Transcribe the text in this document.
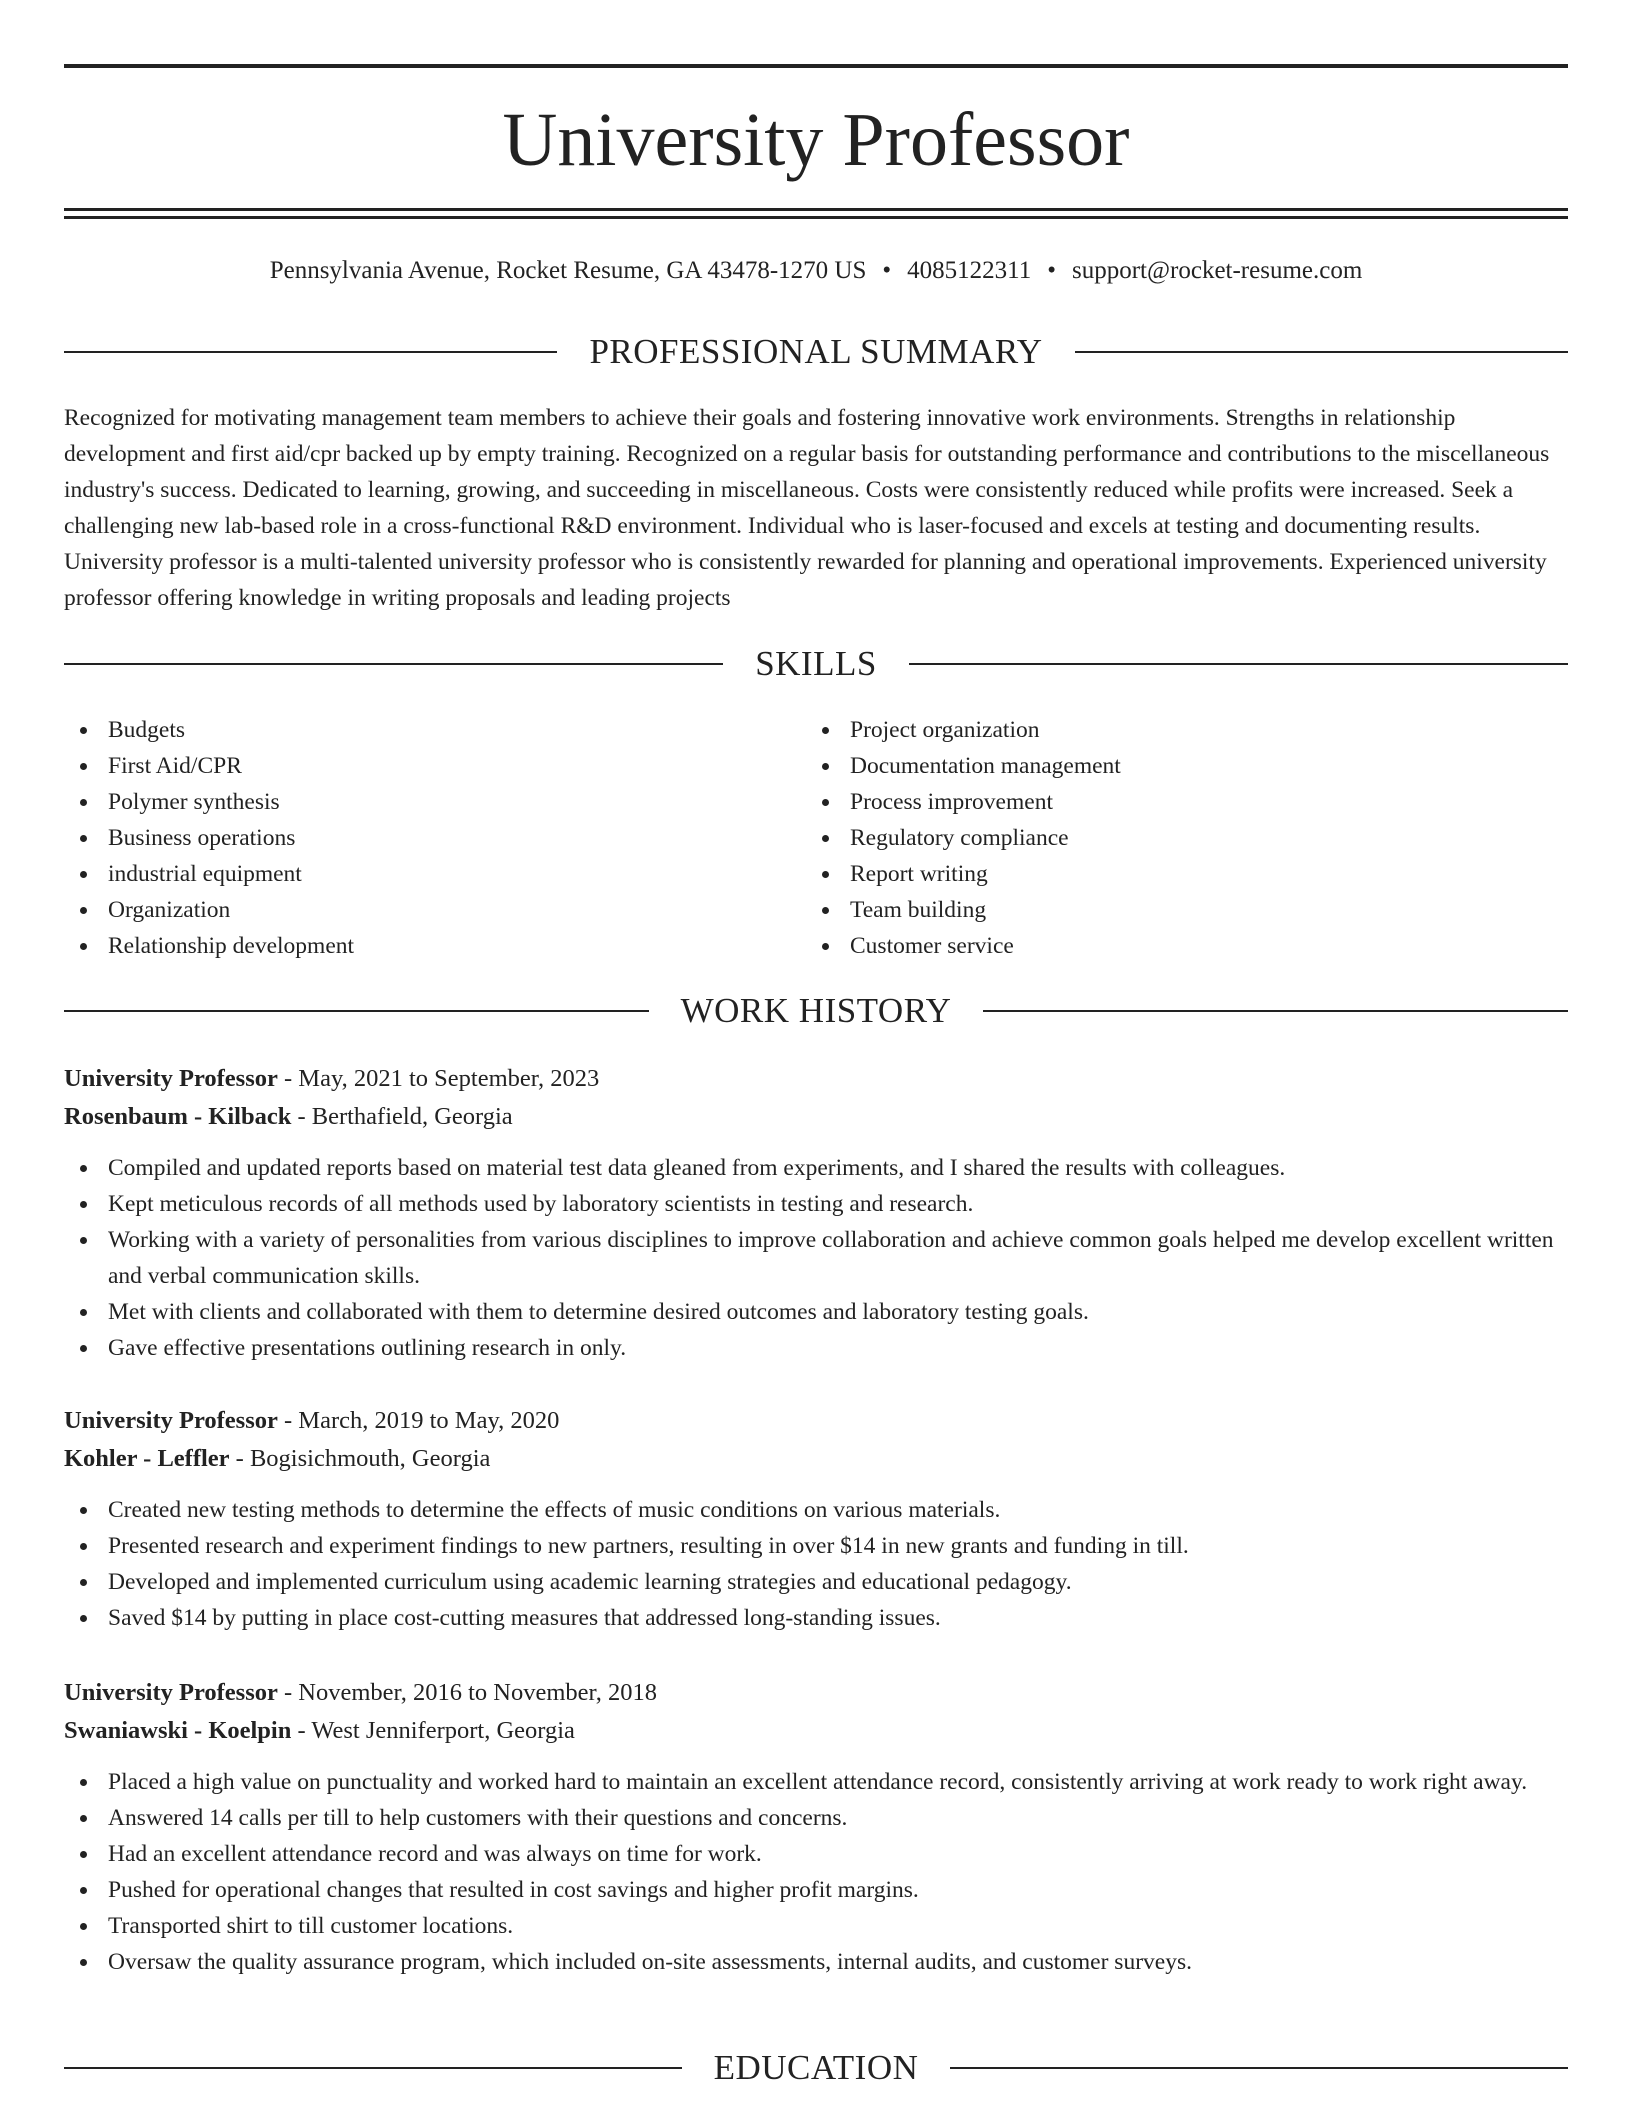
University Professor
Pennsylvania Avenue, Rocket Resume, GA 43478-1270 US • 4085122311 • support@rocket-resume.com
PROFESSIONAL SUMMARY

Recognized for motivating management team members to achieve their goals and fostering innovative work environments. Strengths in relationship development and first aid/cpr backed up by empty training. Recognized on a regular basis for outstanding performance and contributions to the miscellaneous industry's success. Dedicated to learning, growing, and succeeding in miscellaneous. Costs were consistently reduced while profits were increased. Seek a challenging new lab-based role in a cross-functional R&D environment. Individual who is laser-focused and excels at testing and documenting results. University professor is a multi-talented university professor who is consistently rewarded for planning and operational improvements. Experienced university professor offering knowledge in writing proposals and leading projects

SKILLS
Budgets
First Aid/CPR
Polymer synthesis
Business operations
industrial equipment
Organization
Relationship development
Project organization
Documentation management
Process improvement
Regulatory compliance
Report writing
Team building
Customer service
WORK HISTORY
University Professor - May, 2021 to September, 2023
Rosenbaum - Kilback - Berthafield, Georgia
Compiled and updated reports based on material test data gleaned from experiments, and I shared the results with colleagues.
Kept meticulous records of all methods used by laboratory scientists in testing and research.
Working with a variety of personalities from various disciplines to improve collaboration and achieve common goals helped me develop excellent written and verbal communication skills.
Met with clients and collaborated with them to determine desired outcomes and laboratory testing goals.
Gave effective presentations outlining research in only.
University Professor - March, 2019 to May, 2020
Kohler - Leffler - Bogisichmouth, Georgia
Created new testing methods to determine the effects of music conditions on various materials.
Presented research and experiment findings to new partners, resulting in over $14 in new grants and funding in till.
Developed and implemented curriculum using academic learning strategies and educational pedagogy.
Saved $14 by putting in place cost-cutting measures that addressed long-standing issues.
University Professor - November, 2016 to November, 2018
Swaniawski - Koelpin - West Jenniferport, Georgia
Placed a high value on punctuality and worked hard to maintain an excellent attendance record, consistently arriving at work ready to work right away.
Answered 14 calls per till to help customers with their questions and concerns.
Had an excellent attendance record and was always on time for work.
Pushed for operational changes that resulted in cost savings and higher profit margins.
Transported shirt to till customer locations.
Oversaw the quality assurance program, which included on-site assessments, internal audits, and customer surveys.
EDUCATION
